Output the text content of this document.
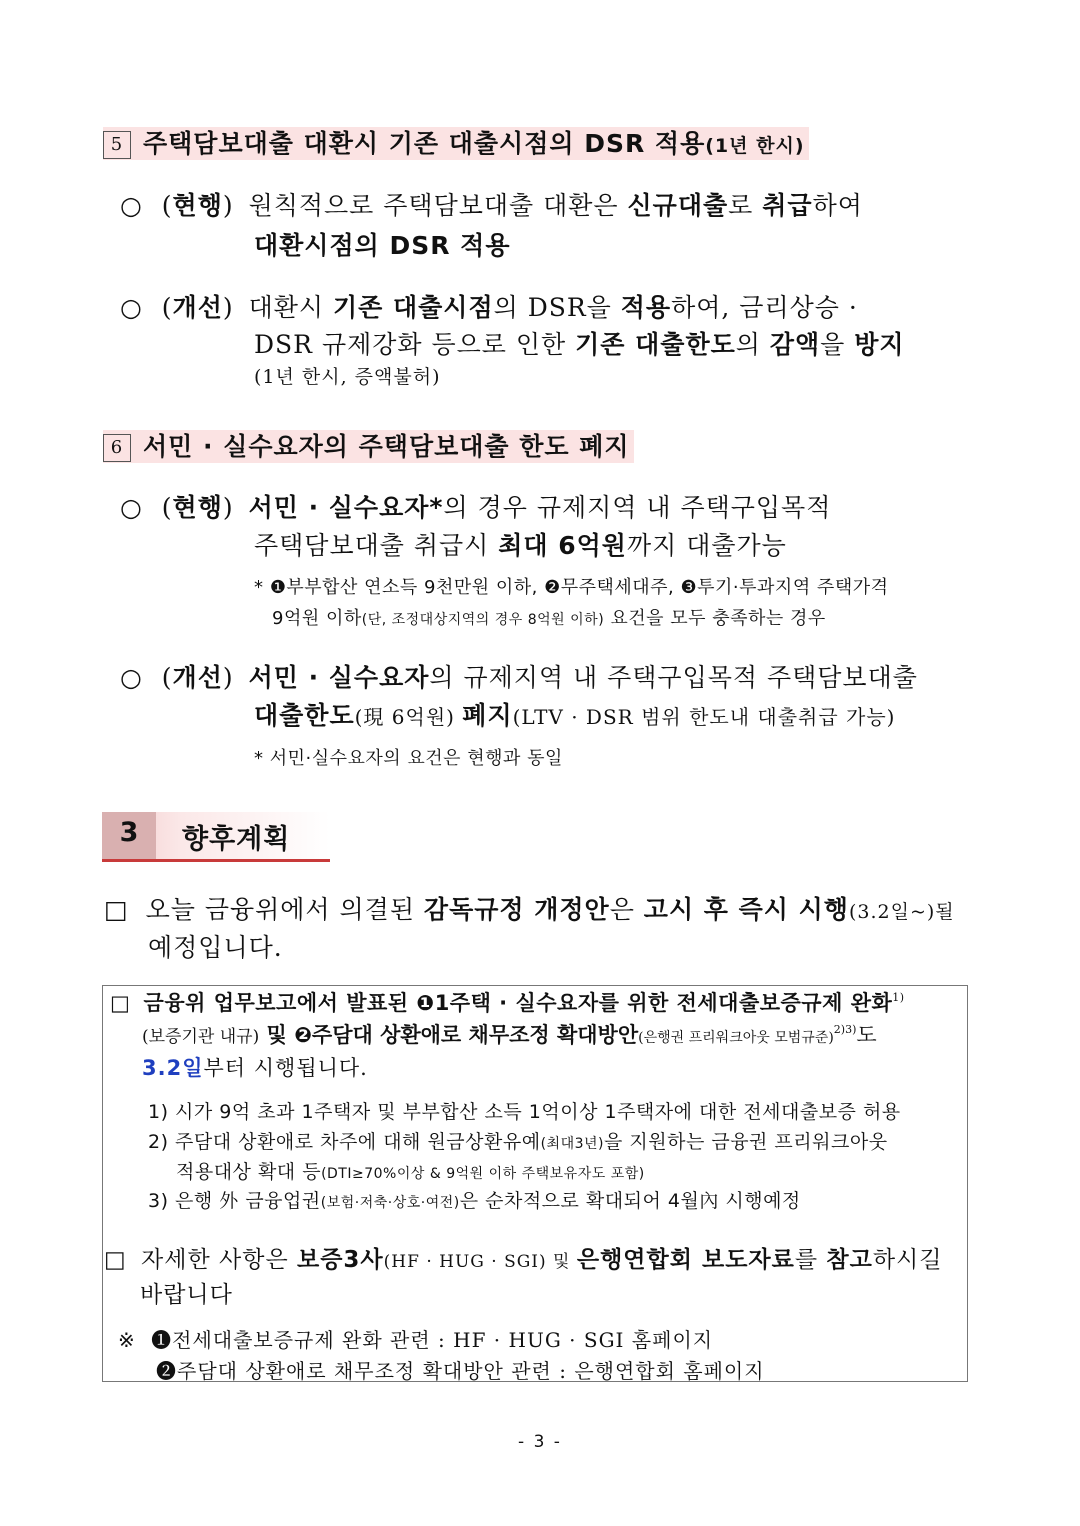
5 주택담보대출 대환시 기존 대출시점의 DSR 적용(1년 한시)
○ (현행) 원칙적으로 주택담보대출 대환은 신규대출로 취급하여
대환시점의 DSR 적용
○ (개선) 대환시 기존 대출시점의 DSR을 적용하여, 금리상승 ·
DSR 규제강화 등으로 인한 기존 대출한도의 감액을 방지
(1년 한시, 증액불허)
6 서민 · 실수요자의 주택담보대출 한도 폐지
○ (현행) 서민 · 실수요자*의 경우 규제지역 내 주택구입목적
주택담보대출 취급시 최대 6억원까지 대출가능
* ❶부부합산 연소득 9천만원 이하, ❷무주택세대주, ❸투기·투과지역 주택가격
9억원 이하(단, 조정대상지역의 경우 8억원 이하) 요건을 모두 충족하는 경우
○ (개선) 서민 · 실수요자의 규제지역 내 주택구입목적 주택담보대출
대출한도(現 6억원) 폐지(LTV · DSR 범위 한도내 대출취급 가능)
* 서민·실수요자의 요건은 현행과 동일
3	향후계획
□ 오늘 금융위에서 의결된 감독규정 개정안은 고시 후 즉시 시행(3.2일~)될
예정입니다.
□ 금융위 업무보고에서 발표된 ❶1주택 · 실수요자를 위한 전세대출보증규제 완화$^{1)}$
(보증기관 내규) 및 ❷주담대 상환애로 채무조정 확대방안(은행권 프리워크아웃 모범규준)$^{2)3)}$도
3.2일부터 시행됩니다.
1) 시가 9억 초과 1주택자 및 부부합산 소득 1억이상 1주택자에 대한 전세대출보증 허용
2) 주담대 상환애로 차주에 대해 원금상환유예(최대3년)을 지원하는 금융권 프리워크아웃
적용대상 확대 등(DTI≥70%이상 & 9억원 이하 주택보유자도 포함)
3) 은행 外 금융업권(보험·저축·상호·여전)은 순차적으로 확대되어 4월內 시행예정
□ 자세한 사항은 보증3사(HF · HUG · SGI) 및 은행연합회 보도자료를 참고하시길
바랍니다
※ ❶전세대출보증규제 완화 관련 : HF · HUG · SGI 홈페이지
❷주담대 상환애로 채무조정 확대방안 관련 : 은행연합회 홈페이지
- 3 -
